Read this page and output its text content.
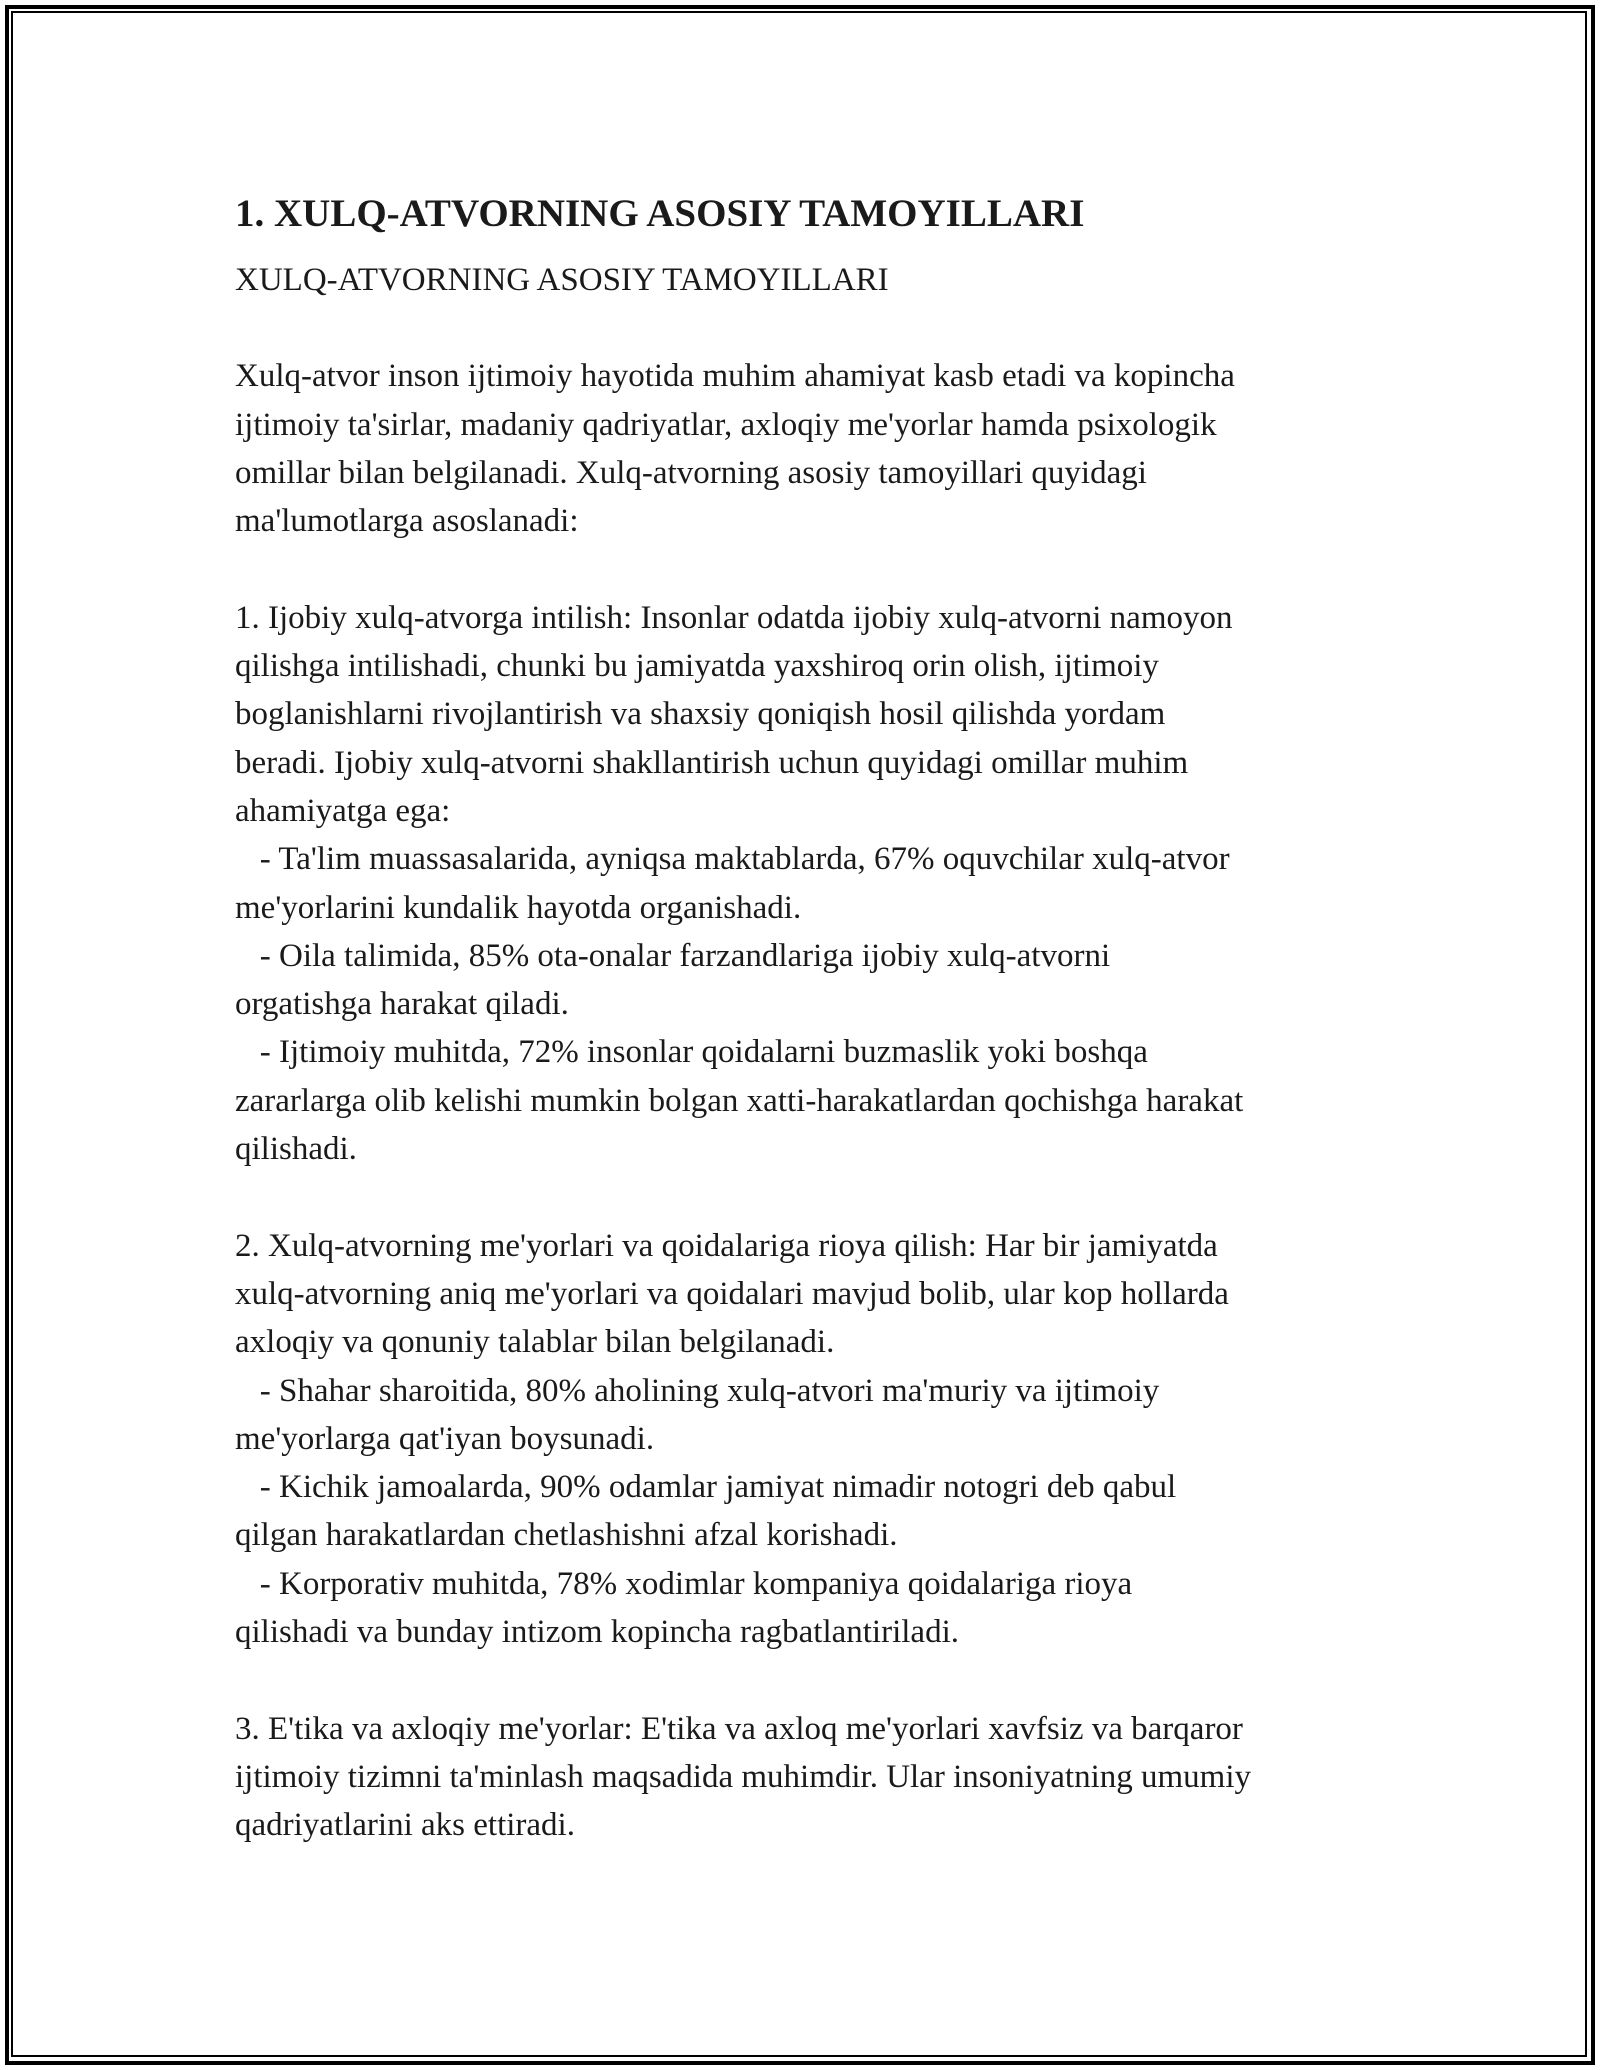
1. XULQ-ATVORNING ASOSIY TAMOYILLARI

XULQ-ATVORNING ASOSIY TAMOYILLARI

Xulq-atvor inson ijtimoiy hayotida muhim ahamiyat kasb etadi va kopincha
ijtimoiy ta'sirlar, madaniy qadriyatlar, axloqiy me'yorlar hamda psixologik
omillar bilan belgilanadi. Xulq-atvorning asosiy tamoyillari quyidagi
ma'lumotlarga asoslanadi:

1. Ijobiy xulq-atvorga intilish: Insonlar odatda ijobiy xulq-atvorni namoyon
qilishga intilishadi, chunki bu jamiyatda yaxshiroq orin olish, ijtimoiy
boglanishlarni rivojlantirish va shaxsiy qoniqish hosil qilishda yordam
beradi. Ijobiy xulq-atvorni shakllantirish uchun quyidagi omillar muhim
ahamiyatga ega:
- Ta'lim muassasalarida, ayniqsa maktablarda, 67% oquvchilar xulq-atvor
me'yorlarini kundalik hayotda organishadi.
- Oila talimida, 85% ota-onalar farzandlariga ijobiy xulq-atvorni
orgatishga harakat qiladi.
- Ijtimoiy muhitda, 72% insonlar qoidalarni buzmaslik yoki boshqa
zararlarga olib kelishi mumkin bolgan xatti-harakatlardan qochishga harakat
qilishadi.

2. Xulq-atvorning me'yorlari va qoidalariga rioya qilish: Har bir jamiyatda
xulq-atvorning aniq me'yorlari va qoidalari mavjud bolib, ular kop hollarda
axloqiy va qonuniy talablar bilan belgilanadi.
- Shahar sharoitida, 80% aholining xulq-atvori ma'muriy va ijtimoiy
me'yorlarga qat'iyan boysunadi.
- Kichik jamoalarda, 90% odamlar jamiyat nimadir notogri deb qabul
qilgan harakatlardan chetlashishni afzal korishadi.
- Korporativ muhitda, 78% xodimlar kompaniya qoidalariga rioya
qilishadi va bunday intizom kopincha ragbatlantiriladi.

3. E'tika va axloqiy me'yorlar: E'tika va axloq me'yorlari xavfsiz va barqaror
ijtimoiy tizimni ta'minlash maqsadida muhimdir. Ular insoniyatning umumiy
qadriyatlarini aks ettiradi.
